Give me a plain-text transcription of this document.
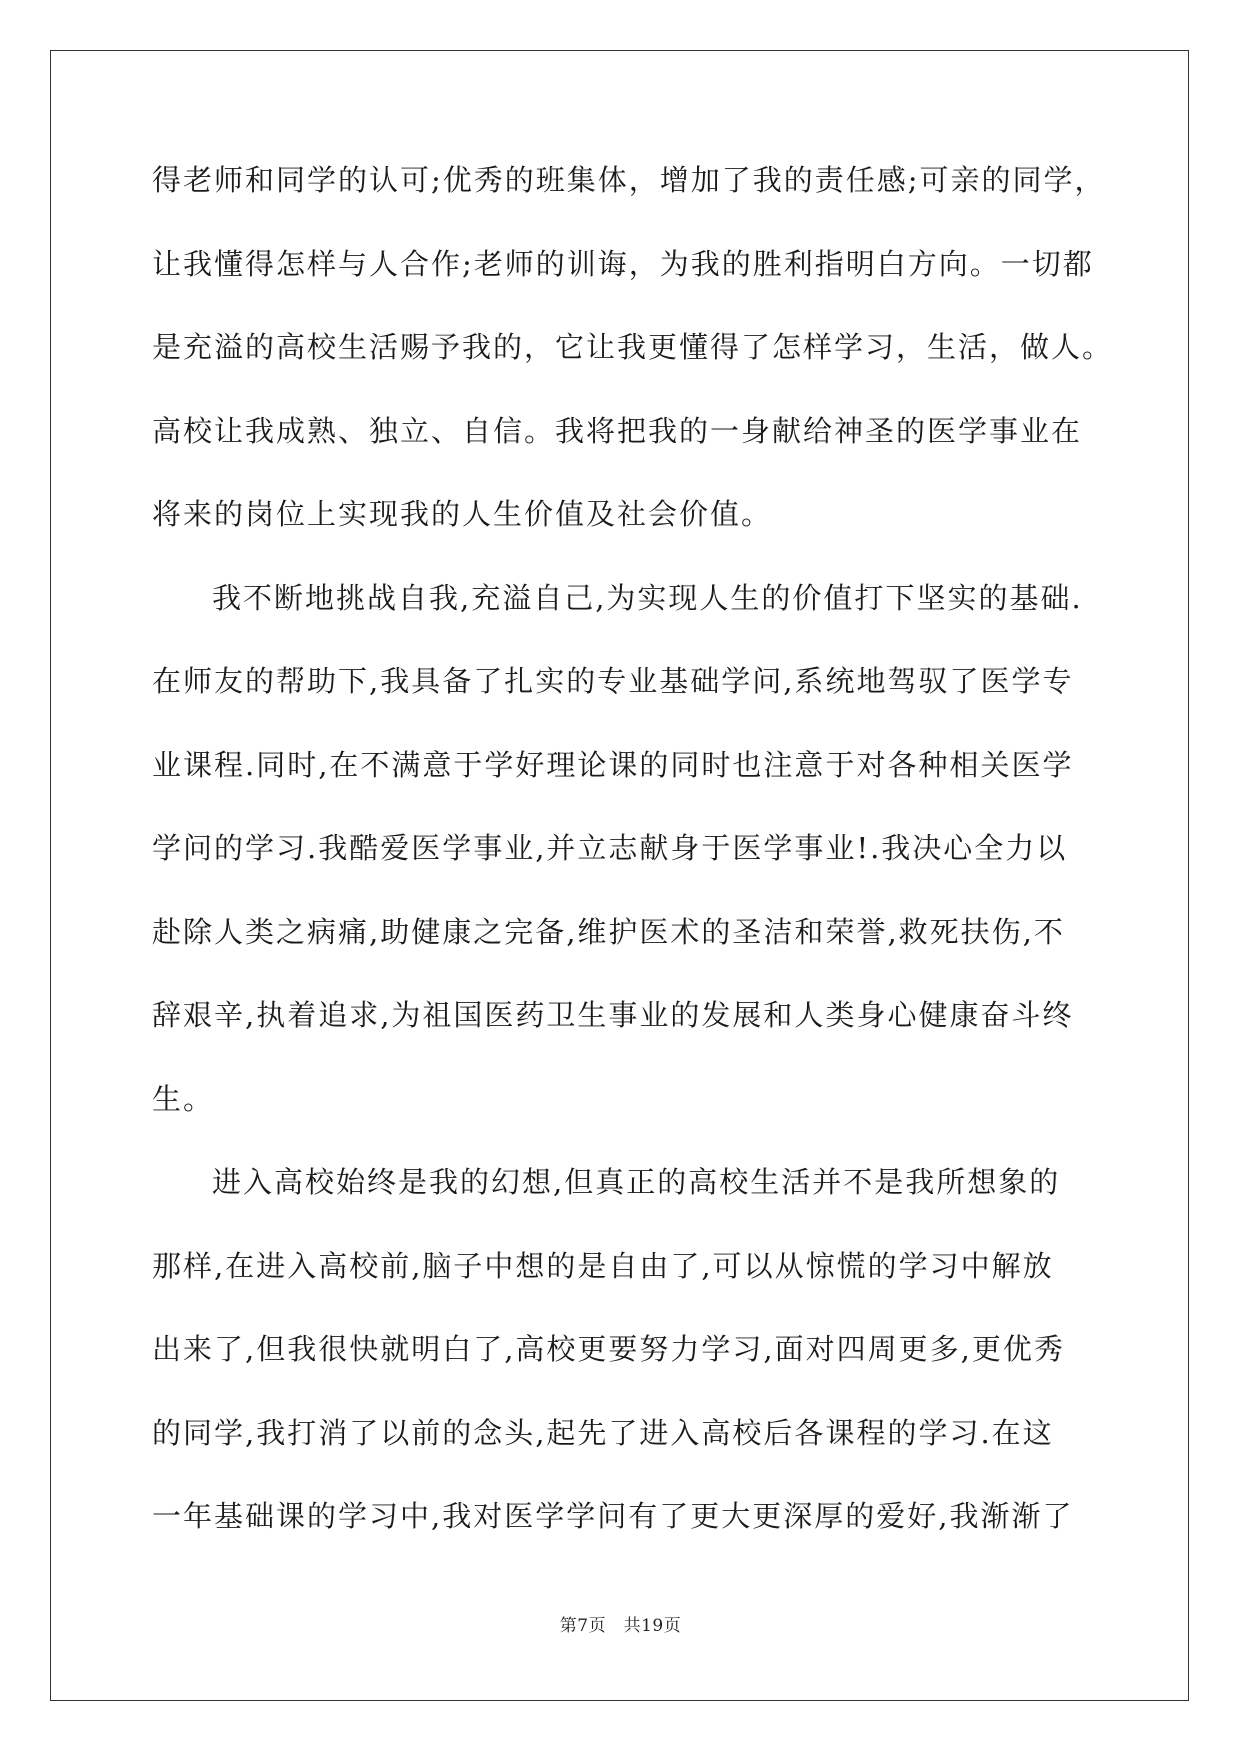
得老师和同学的认可;优秀的班集体，增加了我的责任感;可亲的同学，
让我懂得怎样与人合作;老师的训诲，为我的胜利指明白方向。一切都
是充溢的高校生活赐予我的，它让我更懂得了怎样学习，生活，做人。
高校让我成熟、独立、自信。我将把我的一身献给神圣的医学事业在
将来的岗位上实现我的人生价值及社会价值。
我不断地挑战自我,充溢自己,为实现人生的价值打下坚实的基础.
在师友的帮助下,我具备了扎实的专业基础学问,系统地驾驭了医学专
业课程.同时,在不满意于学好理论课的同时也注意于对各种相关医学
学问的学习.我酷爱医学事业,并立志献身于医学事业!.我决心全力以
赴除人类之病痛,助健康之完备,维护医术的圣洁和荣誉,救死扶伤,不
辞艰辛,执着追求,为祖国医药卫生事业的发展和人类身心健康奋斗终
生。
进入高校始终是我的幻想,但真正的高校生活并不是我所想象的
那样,在进入高校前,脑子中想的是自由了,可以从惊慌的学习中解放
出来了,但我很快就明白了,高校更要努力学习,面对四周更多,更优秀
的同学,我打消了以前的念头,起先了进入高校后各课程的学习.在这
一年基础课的学习中,我对医学学问有了更大更深厚的爱好,我渐渐了
第7页　共19页
